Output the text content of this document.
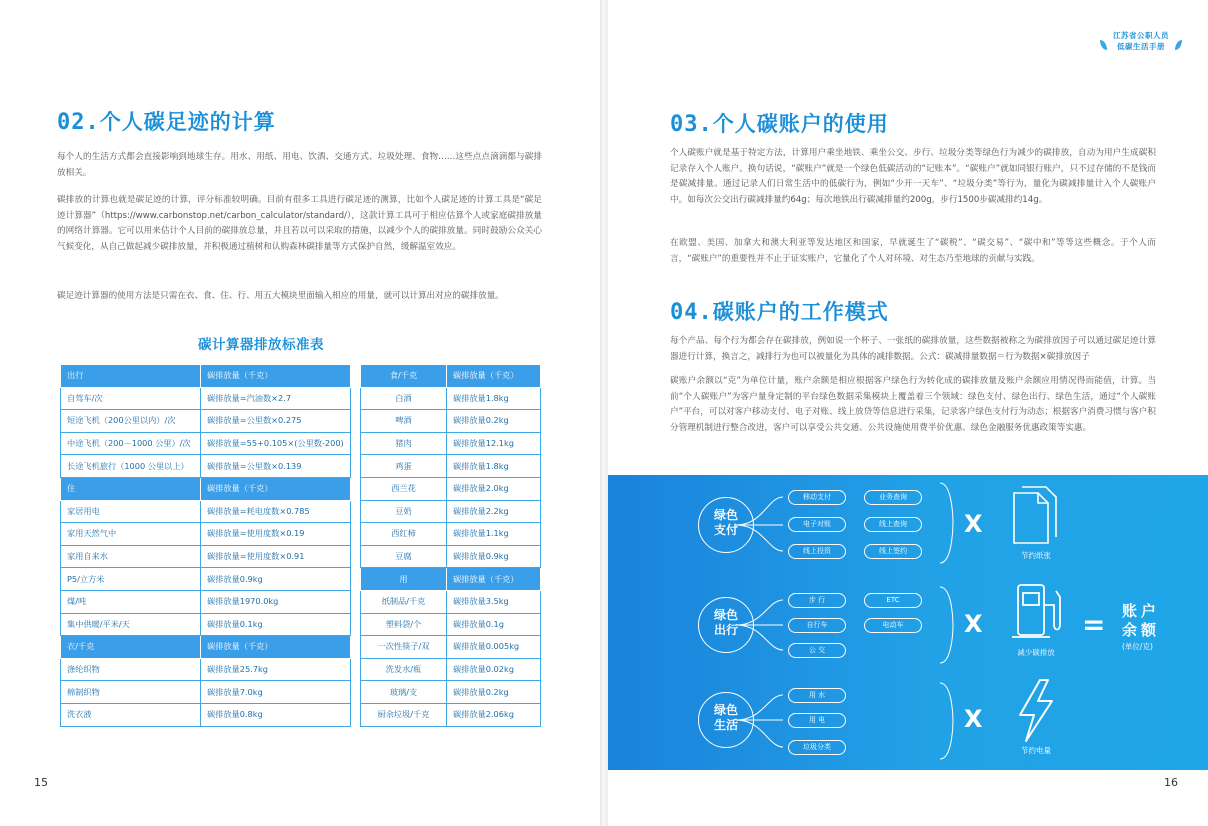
02.个人碳足迹的计算

每个人的生活方式都会直接影响到地球生存。用水、用纸、用电、饮酒、交通方式、垃圾处理、食物……这些点点滴滴都与碳排放相关。

碳排放的计算也就是碳足迹的计算，评分标准较明确。目前有很多工具进行碳足迹的测算，比如个人碳足迹的计算工具是“碳足迹计算器”（https://www.carbonstop.net/carbon_calculator/standard/），这款计算工具可于相应估算个人或家庭碳排放量的网络计算器。它可以用来估计个人目前的碳排放总量，并且若以可以采取的措施，以减少个人的碳排放量。同时鼓励公众关心气候变化，从自己做起减少碳排放量，并积极通过植树和认购森林碳排量等方式保护自然，缓解温室效应。

碳足迹计算器的使用方法是只需在衣、食、住、行、用五大模块里面输入相应的用量，就可以计算出对应的碳排放量。

碳计算器排放标准表
出行	碳排放量（千克）
自驾车/次	碳排放量=汽油数×2.7
短途飞机（200公里以内）/次	碳排放量=公里数×0.275
中途飞机（200－1000 公里）/次	碳排放量=55+0.105×(公里数-200)
长途飞机旅行（1000 公里以上）	碳排放量=公里数×0.139
住	碳排放量（千克）
家居用电	碳排放量=耗电度数×0.785
家用天然气中	碳排放量=使用度数×0.19
家用自来水	碳排放量=使用度数×0.91
P5/立方米	碳排放量0.9kg
煤/吨	碳排放量1970.0kg
集中供暖/平米/天	碳排放量0.1kg
衣/千克	碳排放量（千克）
涤纶织物	碳排放量25.7kg
棉制织物	碳排放量7.0kg
洗衣液	碳排放量0.8kg
食/千克	碳排放量（千克）
白酒	碳排放量1.8kg
啤酒	碳排放量0.2kg
猪肉	碳排放量12.1kg
鸡蛋	碳排放量1.8kg
西兰花	碳排放量2.0kg
豆奶	碳排放量2.2kg
西红柿	碳排放量1.1kg
豆腐	碳排放量0.9kg
用	碳排放量（千克）
纸制品/千克	碳排放量3.5kg
塑料袋/个	碳排放量0.1g
一次性筷子/双	碳排放量0.005kg
洗发水/瓶	碳排放量0.02kg
玻璃/支	碳排放量0.2kg
厨余垃圾/千克	碳排放量2.06kg
15
江苏省公职人员
低碳生活手册
03.个人碳账户的使用

个人碳账户就是基于特定方法，计算用户乘坐地铁、乘坐公交、步行、垃圾分类等绿色行为减少的碳排放，自动为用户生成碳积记录存入个人账户。换句话说，“碳账户”就是一个绿色低碳活动的“记账本”。“碳账户”就如同银行账户，只不过存储的不是钱而是碳减排量。通过记录人们日常生活中的低碳行为，例如“少开一天车”、“垃圾分类”等行为，量化为碳减排量计入个人碳账户中。如每次公交出行碳减排量约64g；每次地铁出行碳减排量约200g，步行1500步碳减排约14g。

在欧盟、美国、加拿大和澳大利亚等发达地区和国家，早就诞生了“碳税”、“碳交易”、“碳中和”等等这些概念。于个人而言，“碳账户”的重要性并不止于证实账户，它量化了个人对环境、对生态乃至地球的贡献与实践。

04.碳账户的工作模式

每个产品、每个行为都会存在碳排放，例如说一个杯子、一张纸的碳排放量，这些数据被称之为碳排放因子可以通过碳足迹计算器进行计算，换言之，减排行为也可以被量化为具体的减排数据。公式：碳减排量数据＝行为数据×碳排放因子

碳账户余额以“克”为单位计量，账户余额是相应根据客户绿色行为转化成的碳排放量及账户余额应用情况得而能值，计算。当前“个人碳账户”为客户量身定制的平台绿色数据采集模块上覆盖着三个领域：绿色支付、绿色出行、绿色生活，通过“个人碳账户”平台，可以对客户移动支付、电子对账、线上放贷等信息进行采集，记录客户绿色支付行为动态；根据客户消费习惯与客户积分管理机制进行整合改进，客户可以享受公共交通、公共设施使用费半价优惠、绿色金融服务优惠政策等实惠。

绿色
支付
绿色
出行
绿色
生活
移动支付	业务查询
电子对账	线上查询
线上投资	线上签约
步 行	ETC
自行车	电动车
公 交
用 水
用 电
垃圾分类
X
X
X
节约纸张
减少碳排放
节约电量
= 账户
余额
(单位/克)
16
